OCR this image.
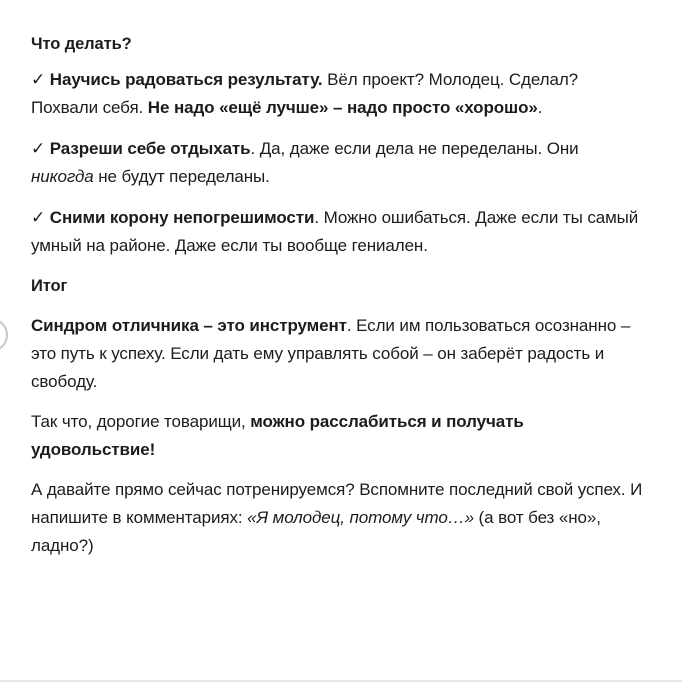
Что делать?

✓ Научись радоваться результату. Вёл проект? Молодец. Сделал? Похвали себя. Не надо «ещё лучше» – надо просто «хорошо».

✓ Разреши себе отдыхать. Да, даже если дела не переделаны. Они никогда не будут переделаны.

✓ Сними корону непогрешимости. Можно ошибаться. Даже если ты самый умный на районе. Даже если ты вообще гениален.

Итог

Синдром отличника – это инструмент. Если им пользоваться осознанно – это путь к успеху. Если дать ему управлять собой – он заберёт радость и свободу.

Так что, дорогие товарищи, можно расслабиться и получать удовольствие!

А давайте прямо сейчас потренируемся? Вспомните последний свой успех. И напишите в комментариях: «Я молодец, потому что…» (а вот без «но», ладно?)
